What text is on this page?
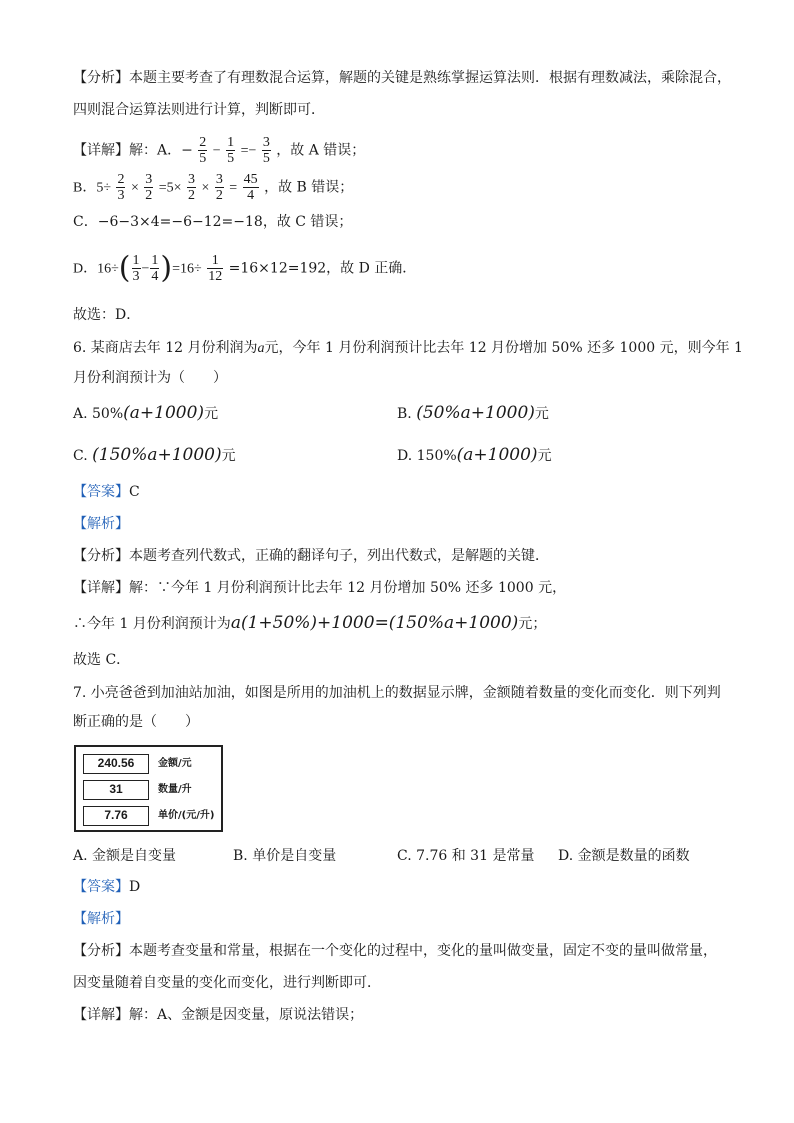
【分析】本题主要考查了有理数混合运算，解题的关键是熟练掌握运算法则．根据有理数减法，乘除混合，
四则混合运算法则进行计算，判断即可．
【详解】解：A．− $\frac{2}{5} - \frac{1}{5} =- \frac{3}{5}$ ，故 A 错误；
B．$5\div \frac{2}{3} \times \frac{3}{2} =5\times \frac{3}{2} \times \frac{3}{2} = \frac{45}{4}$ ，故 B 错误；
C．−6−3×4=−6−12=−18，故 C 错误；
D．$16\div( \frac{1}{3} - \frac{1}{4} )=16\div \frac{1}{12} =16\times 12=192$，故 D 正确．
故选：D．
6. 某商店去年 12 月份利润为a元，今年 1 月份利润预计比去年 12 月份增加 50% 还多 1000 元，则今年 1
月份利润预计为（　　）
A. 50%(a+1000)元	B. (50%a+1000)元
C. (150%a+1000)元	D. 150%(a+1000)元
【答案】C
【解析】
【分析】本题考查列代数式，正确的翻译句子，列出代数式，是解题的关键．
【详解】解：∵今年 1 月份利润预计比去年 12 月份增加 50% 还多 1000 元，
∴今年 1 月份利润预计为a(1+50%)+1000=(150%a+1000)元；
故选 C．
7. 小亮爸爸到加油站加油，如图是所用的加油机上的数据显示牌，金额随着数量的变化而变化．则下列判
断正确的是（　　）
240.56	金额/元
31	数量/升
7.76	单价/(元/升)
A. 金额是自变量	B. 单价是自变量	C. 7.76 和 31 是常量 D. 金额是数量的函数
【答案】D
【解析】
【分析】本题考查变量和常量，根据在一个变化的过程中，变化的量叫做变量，固定不变的量叫做常量，
因变量随着自变量的变化而变化，进行判断即可．
【详解】解：A、金额是因变量，原说法错误；
